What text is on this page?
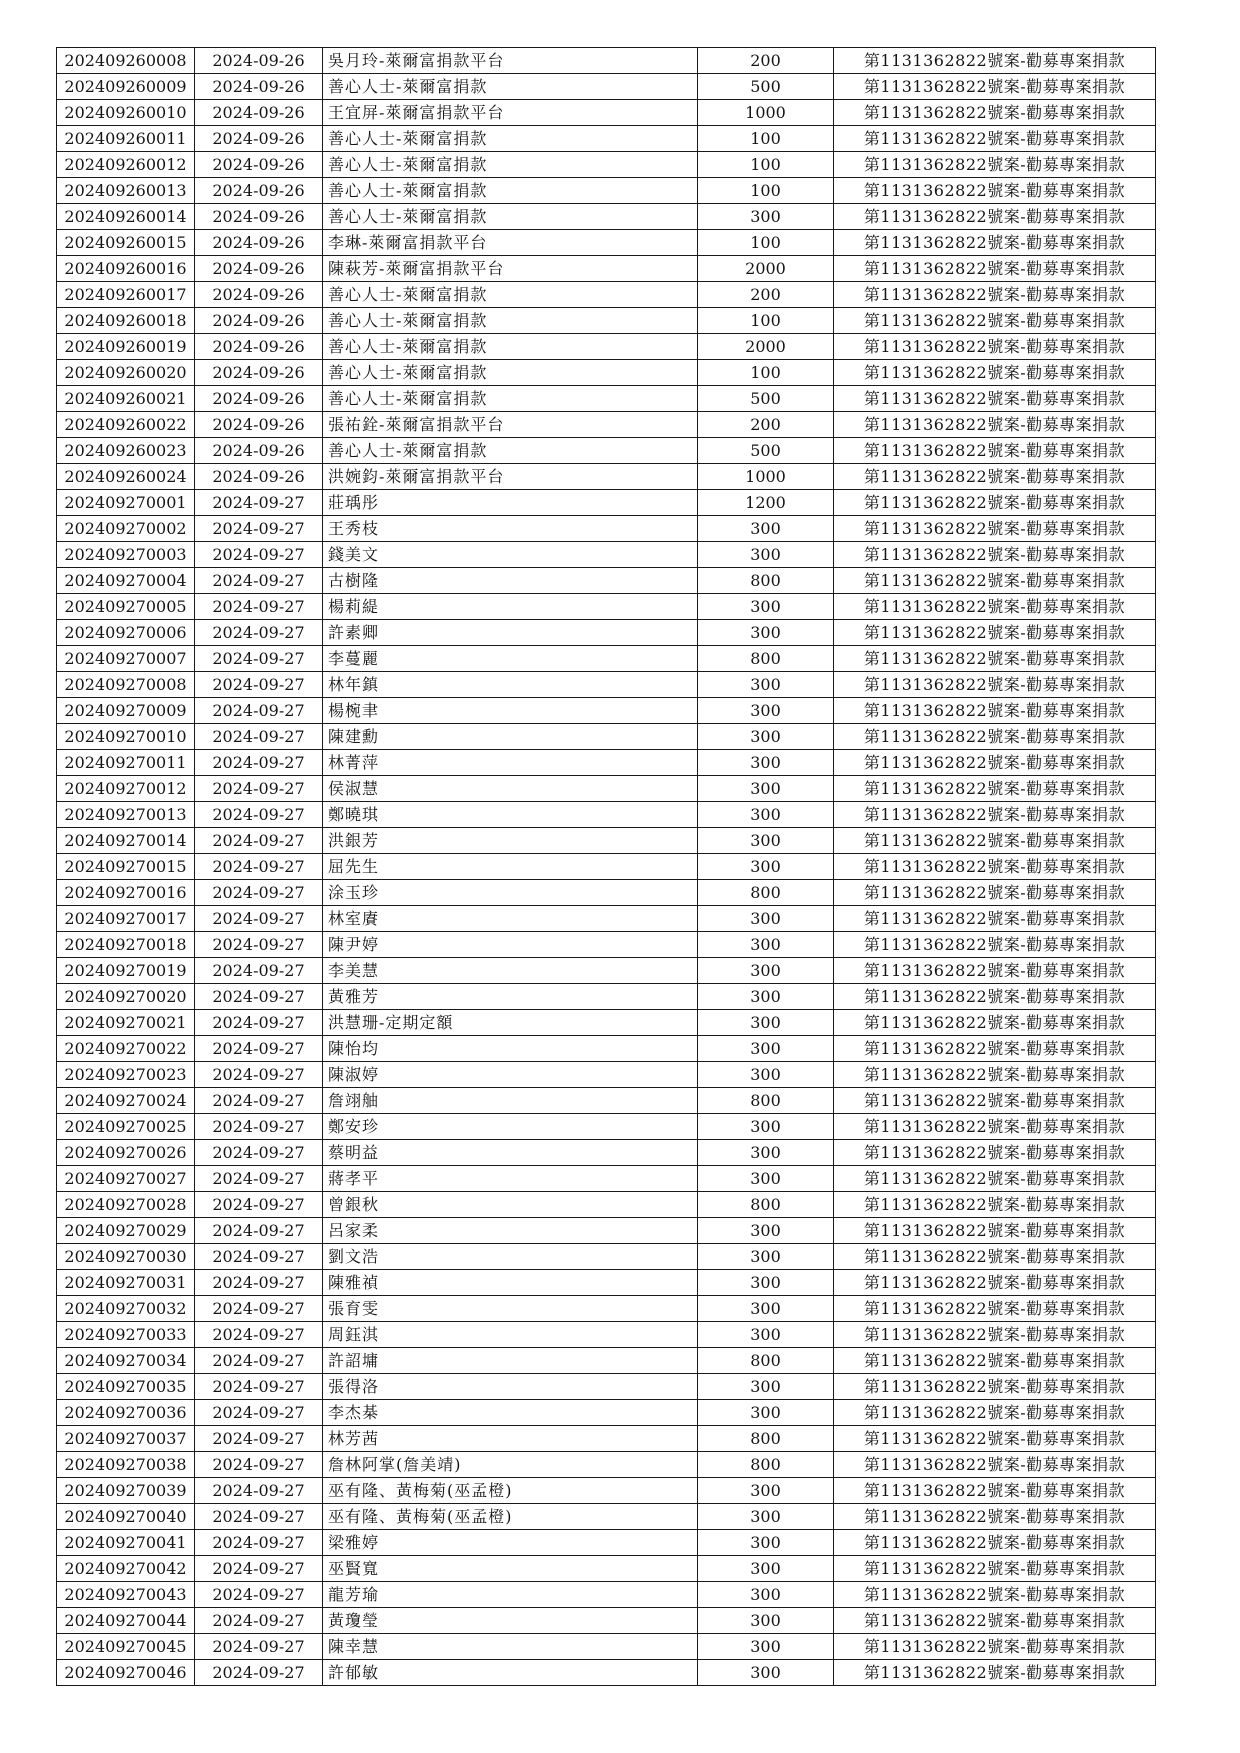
202409260008	2024-09-26	吳月玲-萊爾富捐款平台	200	第1131362822號案-勸募專案捐款
202409260009	2024-09-26	善心人士-萊爾富捐款	500	第1131362822號案-勸募專案捐款
202409260010	2024-09-26	王宜屏-萊爾富捐款平台	1000	第1131362822號案-勸募專案捐款
202409260011	2024-09-26	善心人士-萊爾富捐款	100	第1131362822號案-勸募專案捐款
202409260012	2024-09-26	善心人士-萊爾富捐款	100	第1131362822號案-勸募專案捐款
202409260013	2024-09-26	善心人士-萊爾富捐款	100	第1131362822號案-勸募專案捐款
202409260014	2024-09-26	善心人士-萊爾富捐款	300	第1131362822號案-勸募專案捐款
202409260015	2024-09-26	李琳-萊爾富捐款平台	100	第1131362822號案-勸募專案捐款
202409260016	2024-09-26	陳萩芳-萊爾富捐款平台	2000	第1131362822號案-勸募專案捐款
202409260017	2024-09-26	善心人士-萊爾富捐款	200	第1131362822號案-勸募專案捐款
202409260018	2024-09-26	善心人士-萊爾富捐款	100	第1131362822號案-勸募專案捐款
202409260019	2024-09-26	善心人士-萊爾富捐款	2000	第1131362822號案-勸募專案捐款
202409260020	2024-09-26	善心人士-萊爾富捐款	100	第1131362822號案-勸募專案捐款
202409260021	2024-09-26	善心人士-萊爾富捐款	500	第1131362822號案-勸募專案捐款
202409260022	2024-09-26	張祐銓-萊爾富捐款平台	200	第1131362822號案-勸募專案捐款
202409260023	2024-09-26	善心人士-萊爾富捐款	500	第1131362822號案-勸募專案捐款
202409260024	2024-09-26	洪婉鈞-萊爾富捐款平台	1000	第1131362822號案-勸募專案捐款
202409270001	2024-09-27	莊瑀彤	1200	第1131362822號案-勸募專案捐款
202409270002	2024-09-27	王秀枝	300	第1131362822號案-勸募專案捐款
202409270003	2024-09-27	錢美文	300	第1131362822號案-勸募專案捐款
202409270004	2024-09-27	古樹隆	800	第1131362822號案-勸募專案捐款
202409270005	2024-09-27	楊莉緹	300	第1131362822號案-勸募專案捐款
202409270006	2024-09-27	許素卿	300	第1131362822號案-勸募專案捐款
202409270007	2024-09-27	李蔓麗	800	第1131362822號案-勸募專案捐款
202409270008	2024-09-27	林年鎮	300	第1131362822號案-勸募專案捐款
202409270009	2024-09-27	楊椀聿	300	第1131362822號案-勸募專案捐款
202409270010	2024-09-27	陳建勳	300	第1131362822號案-勸募專案捐款
202409270011	2024-09-27	林菁萍	300	第1131362822號案-勸募專案捐款
202409270012	2024-09-27	侯淑慧	300	第1131362822號案-勸募專案捐款
202409270013	2024-09-27	鄭曉琪	300	第1131362822號案-勸募專案捐款
202409270014	2024-09-27	洪銀芳	300	第1131362822號案-勸募專案捐款
202409270015	2024-09-27	屈先生	300	第1131362822號案-勸募專案捐款
202409270016	2024-09-27	涂玉珍	800	第1131362822號案-勸募專案捐款
202409270017	2024-09-27	林室賡	300	第1131362822號案-勸募專案捐款
202409270018	2024-09-27	陳尹婷	300	第1131362822號案-勸募專案捐款
202409270019	2024-09-27	李美慧	300	第1131362822號案-勸募專案捐款
202409270020	2024-09-27	黃雅芳	300	第1131362822號案-勸募專案捐款
202409270021	2024-09-27	洪慧珊-定期定額	300	第1131362822號案-勸募專案捐款
202409270022	2024-09-27	陳怡均	300	第1131362822號案-勸募專案捐款
202409270023	2024-09-27	陳淑婷	300	第1131362822號案-勸募專案捐款
202409270024	2024-09-27	詹翊舳	800	第1131362822號案-勸募專案捐款
202409270025	2024-09-27	鄭安珍	300	第1131362822號案-勸募專案捐款
202409270026	2024-09-27	蔡明益	300	第1131362822號案-勸募專案捐款
202409270027	2024-09-27	蔣孝平	300	第1131362822號案-勸募專案捐款
202409270028	2024-09-27	曾銀秋	800	第1131362822號案-勸募專案捐款
202409270029	2024-09-27	呂家柔	300	第1131362822號案-勸募專案捐款
202409270030	2024-09-27	劉文浩	300	第1131362822號案-勸募專案捐款
202409270031	2024-09-27	陳雅禎	300	第1131362822號案-勸募專案捐款
202409270032	2024-09-27	張育雯	300	第1131362822號案-勸募專案捐款
202409270033	2024-09-27	周鈺淇	300	第1131362822號案-勸募專案捐款
202409270034	2024-09-27	許詔墉	800	第1131362822號案-勸募專案捐款
202409270035	2024-09-27	張得洛	300	第1131362822號案-勸募專案捐款
202409270036	2024-09-27	李杰棊	300	第1131362822號案-勸募專案捐款
202409270037	2024-09-27	林芳茜	800	第1131362822號案-勸募專案捐款
202409270038	2024-09-27	詹林阿掌(詹美靖)	800	第1131362822號案-勸募專案捐款
202409270039	2024-09-27	巫有隆、黃梅菊(巫孟橙)	300	第1131362822號案-勸募專案捐款
202409270040	2024-09-27	巫有隆、黃梅菊(巫孟橙)	300	第1131362822號案-勸募專案捐款
202409270041	2024-09-27	梁雅婷	300	第1131362822號案-勸募專案捐款
202409270042	2024-09-27	巫賢寬	300	第1131362822號案-勸募專案捐款
202409270043	2024-09-27	龍芳瑜	300	第1131362822號案-勸募專案捐款
202409270044	2024-09-27	黃瓊瑩	300	第1131362822號案-勸募專案捐款
202409270045	2024-09-27	陳幸慧	300	第1131362822號案-勸募專案捐款
202409270046	2024-09-27	許郁敏	300	第1131362822號案-勸募專案捐款
